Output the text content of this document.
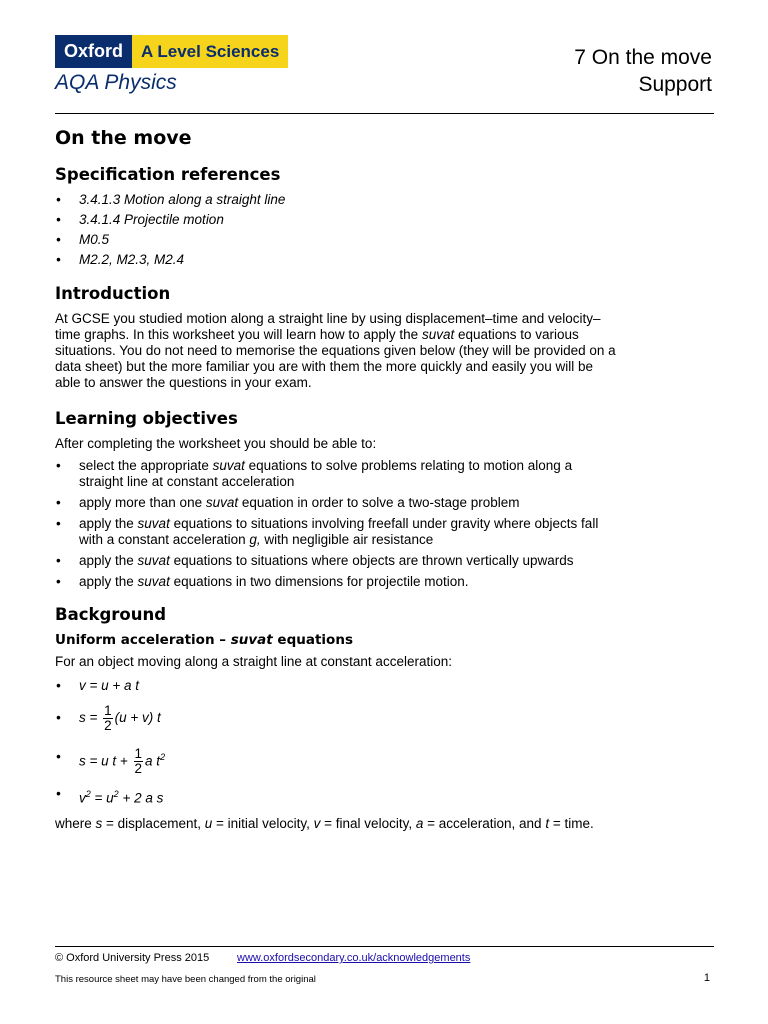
Oxford	A Level Sciences
AQA Physics
7 On the move
Support
On the move
Specification references
• 3.4.1.3 Motion along a straight line
• 3.4.1.4 Projectile motion
• M0.5
• M2.2, M2.3, M2.4
Introduction

At GCSE you studied motion along a straight line by using displacement–time and velocity–time graphs. In this worksheet you will learn how to apply the suvat equations to various situations. You do not need to memorise the equations given below (they will be provided on a data sheet) but the more familiar you are with them the more quickly and easily you will be able to answer the questions in your exam.

Learning objectives

After completing the worksheet you should be able to:

• select the appropriate suvat equations to solve problems relating to motion along a straight line at constant acceleration
• apply more than one suvat equation in order to solve a two-stage problem
• apply the suvat equations to situations involving freefall under gravity where objects fall with a constant acceleration g, with negligible air resistance
• apply the suvat equations to situations where objects are thrown vertically upwards
• apply the suvat equations in two dimensions for projectile motion.
Background
Uniform acceleration – suvat equations

For an object moving along a straight line at constant acceleration:

• v = u + a t
• $s = \frac{1}{2} (u + v)$ t
• s = u $t + \frac{1}{2}$ a $t^2$
• $v^2 = u^2 + 2$ a s

where s = displacement, u = initial velocity, v = final velocity, a = acceleration, and t = time.

© Oxford University Press 2015	www.oxfordsecondary.co.uk/acknowledgements
This resource sheet may have been changed from the original	1
